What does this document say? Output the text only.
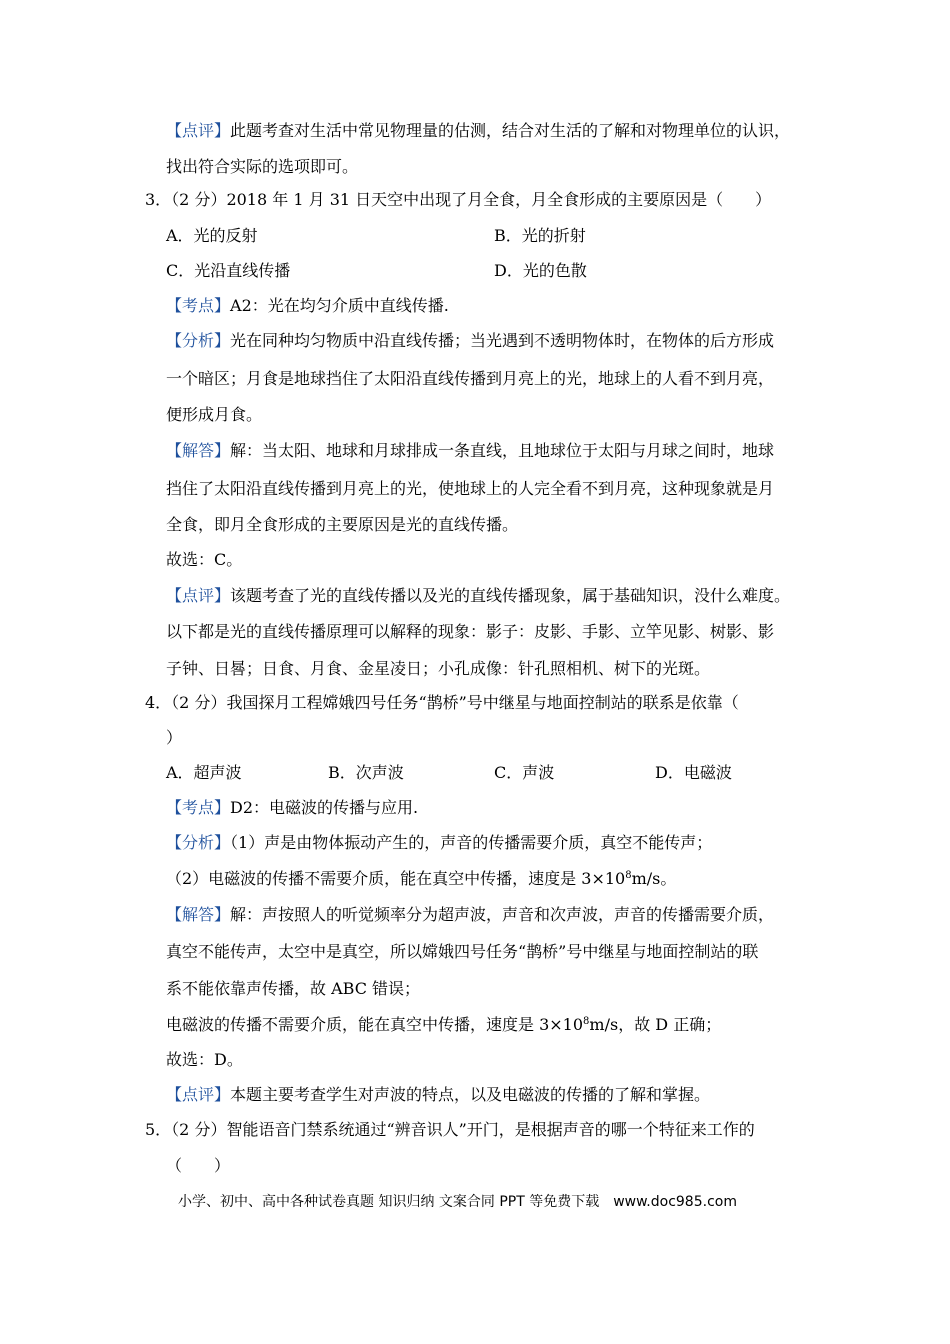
【点评】此题考查对生活中常见物理量的估测，结合对生活的了解和对物理单位的认识，
找出符合实际的选项即可。
3．（2 分）2018 年 1 月 31 日天空中出现了月全食，月全食形成的主要原因是（　　）
A．光的反射	B．光的折射
C．光沿直线传播	D．光的色散
【考点】A2：光在均匀介质中直线传播.
【分析】光在同种均匀物质中沿直线传播；当光遇到不透明物体时，在物体的后方形成
一个暗区；月食是地球挡住了太阳沿直线传播到月亮上的光，地球上的人看不到月亮，
便形成月食。
【解答】解：当太阳、地球和月球排成一条直线，且地球位于太阳与月球之间时，地球
挡住了太阳沿直线传播到月亮上的光，使地球上的人完全看不到月亮，这种现象就是月
全食，即月全食形成的主要原因是光的直线传播。
故选：C。
【点评】该题考查了光的直线传播以及光的直线传播现象，属于基础知识，没什么难度。
以下都是光的直线传播原理可以解释的现象：影子：皮影、手影、立竿见影、树影、影
子钟、日晷；日食、月食、金星凌日；小孔成像：针孔照相机、树下的光斑。
4．（2 分）我国探月工程嫦娥四号任务“鹊桥”号中继星与地面控制站的联系是依靠（
）
A．超声波	B．次声波	C．声波	D．电磁波
【考点】D2：电磁波的传播与应用.
【分析】（1）声是由物体振动产生的，声音的传播需要介质，真空不能传声；
（2）电磁波的传播不需要介质，能在真空中传播，速度是 $3\times 10^8m/s$。
【解答】解：声按照人的听觉频率分为超声波，声音和次声波，声音的传播需要介质，
真空不能传声，太空中是真空，所以嫦娥四号任务“鹊桥”号中继星与地面控制站的联
系不能依靠声传播，故 ABC 错误；
电磁波的传播不需要介质，能在真空中传播，速度是 $3\times 10^8m/s$，故 D 正确；
故选：D。
【点评】本题主要考查学生对声波的特点，以及电磁波的传播的了解和掌握。
5．（2 分）智能语音门禁系统通过“辨音识人”开门，是根据声音的哪一个特征来工作的
（　　）
小学、初中、高中各种试卷真题 知识归纳 文案合同 PPT 等免费下载　www.doc985.com
